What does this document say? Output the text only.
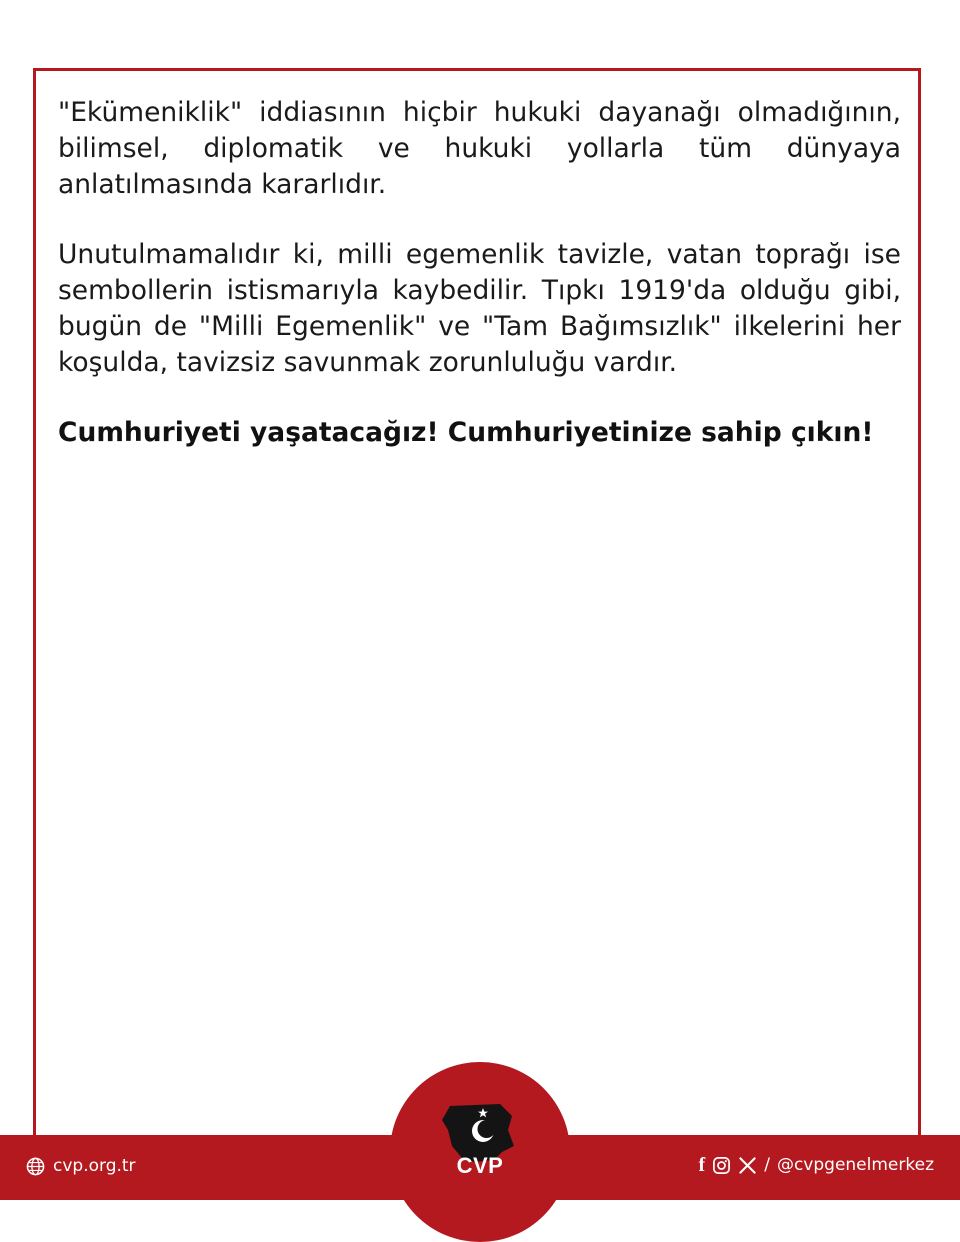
"Ekümeniklik" iddiasının hiçbir hukuki dayanağı olmadığının, bilimsel, diplomatik ve hukuki yollarla tüm dünyaya anlatılmasında kararlıdır.

Unutulmamalıdır ki, milli egemenlik tavizle, vatan toprağı ise sembollerin istismarıyla kaybedilir. Tıpkı 1919'da olduğu gibi, bugün de "Milli Egemenlik" ve "Tam Bağımsızlık" ilkelerini her koşulda, tavizsiz savunmak zorunluluğu vardır.

Cumhuriyeti yaşatacağız! Cumhuriyetinize sahip çıkın!

cvp.org.tr	f	/ @cvpgenelmerkez
CVP
